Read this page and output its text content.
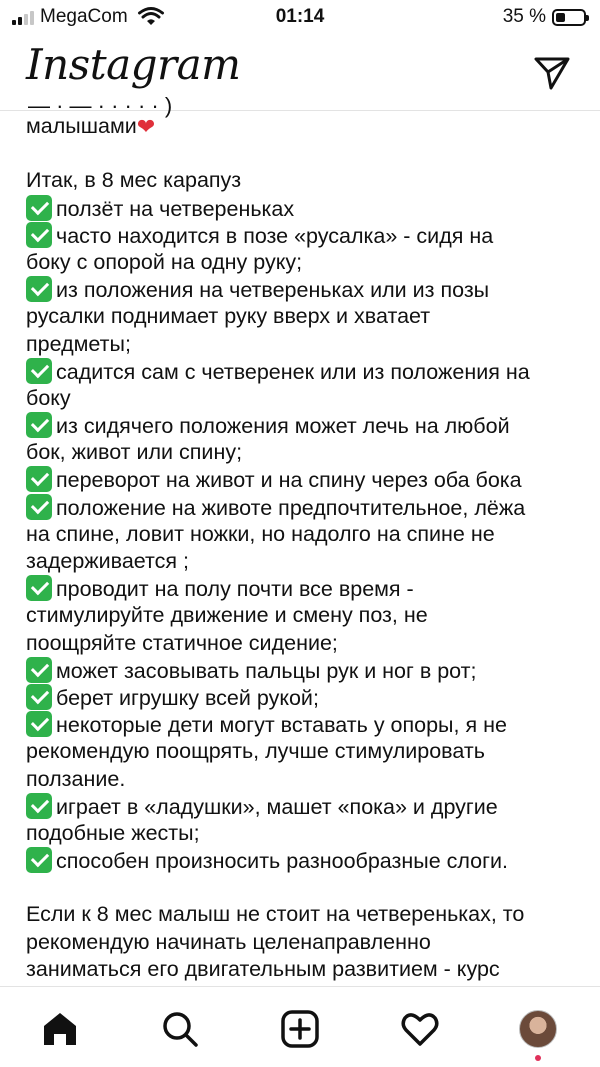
MegaCom	01:14	35 %
Instagram
— · — · · · · · )
малышами❤
Итак, в 8 мес карапуз
ползёт на четвереньках
часто находится в позе «русалка» - сидя на
боку с опорой на одну руку;
из положения на четвереньках или из позы
русалки поднимает руку вверх и хватает
предметы;
садится сам с четверенек или из положения на
боку
из сидячего положения может лечь на любой
бок, живот или спину;
переворот на живот и на спину через оба бока
положение на животе предпочтительное, лёжа
на спине, ловит ножки, но надолго на спине не
задерживается ;
проводит на полу почти все время -
стимулируйте движение и смену поз, не
поощряйте статичное сидение;
может засовывать пальцы рук и ног в рот;
берет игрушку всей рукой;
некоторые дети могут вставать у опоры, я не
рекомендую поощрять, лучше стимулировать
ползание.
играет в «ладушки», машет «пока» и другие
подобные жесты;
способен произносить разнообразные слоги.
Если к 8 мес малыш не стоит на четвереньках, то
рекомендую начинать целенаправленно
заниматься его двигательным развитием - курс
